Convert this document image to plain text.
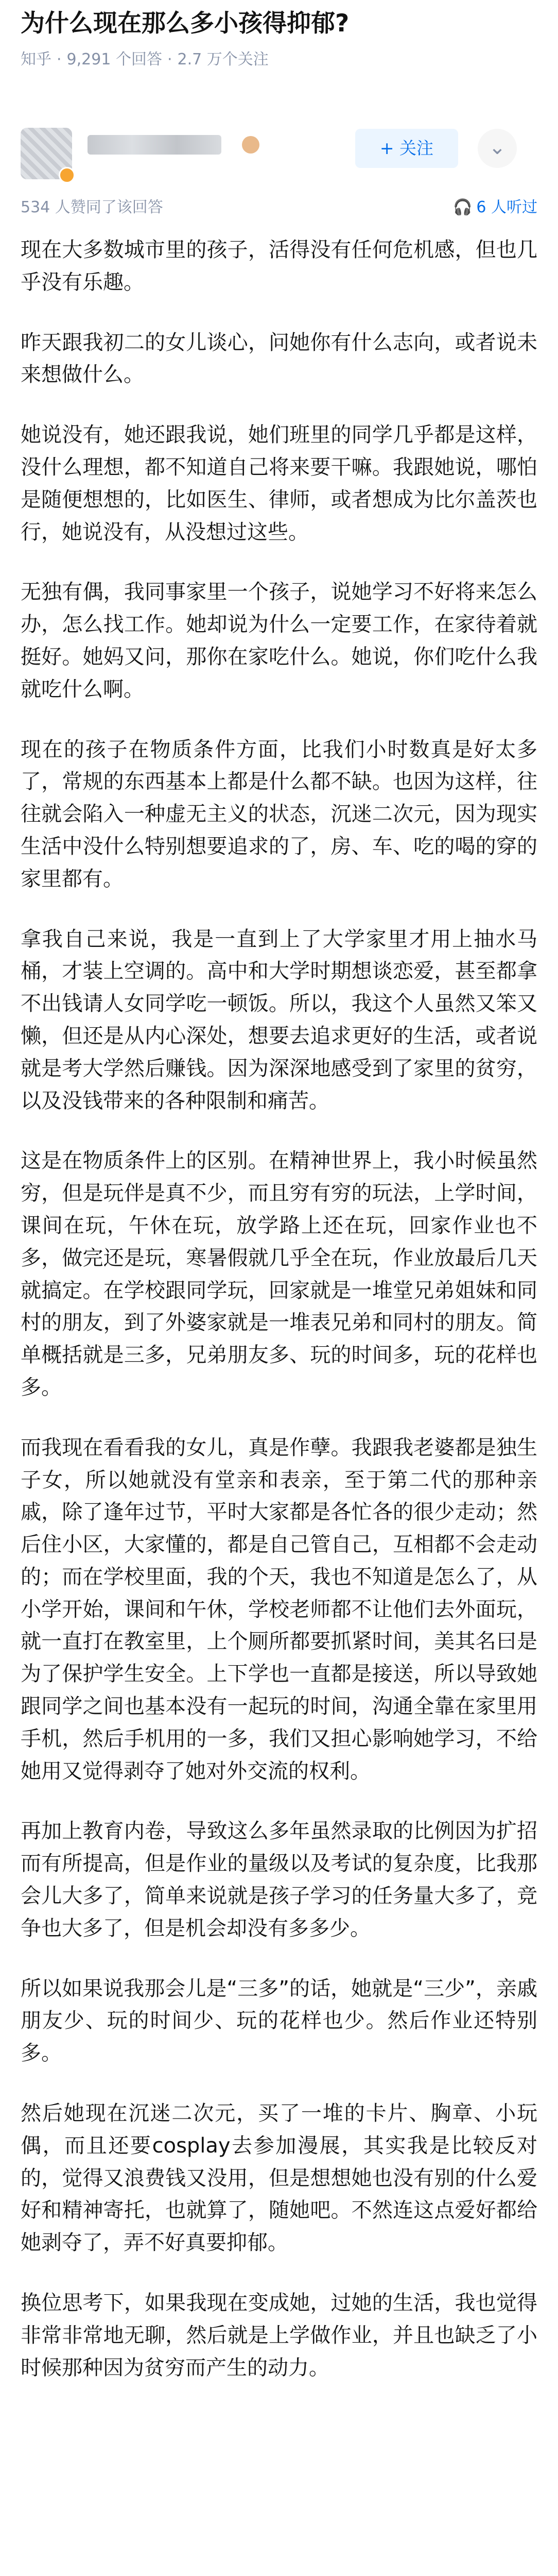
为什么现在那么多小孩得抑郁?
知乎 · 9,291 个回答 · 2.7 万个关注
+ 关注	⌄
534 人赞同了该回答	🎧 6 人听过

现在大多数城市里的孩子，活得没有任何危机感，但也几乎没有乐趣。

昨天跟我初二的女儿谈心，问她你有什么志向，或者说未来想做什么。

她说没有，她还跟我说，她们班里的同学几乎都是这样，没什么理想，都不知道自己将来要干嘛。我跟她说，哪怕是随便想想的，比如医生、律师，或者想成为比尔盖茨也行，她说没有，从没想过这些。

无独有偶，我同事家里一个孩子，说她学习不好将来怎么办，怎么找工作。她却说为什么一定要工作，在家待着就挺好。她妈又问，那你在家吃什么。她说，你们吃什么我就吃什么啊。

现在的孩子在物质条件方面，比我们小时数真是好太多了，常规的东西基本上都是什么都不缺。也因为这样，往往就会陷入一种虚无主义的状态，沉迷二次元，因为现实生活中没什么特别想要追求的了，房、车、吃的喝的穿的家里都有。

拿我自己来说，我是一直到上了大学家里才用上抽水马桶，才装上空调的。高中和大学时期想谈恋爱，甚至都拿不出钱请人女同学吃一顿饭。所以，我这个人虽然又笨又懒，但还是从内心深处，想要去追求更好的生活，或者说就是考大学然后赚钱。因为深深地感受到了家里的贫穷，以及没钱带来的各种限制和痛苦。

这是在物质条件上的区别。在精神世界上，我小时候虽然穷，但是玩伴是真不少，而且穷有穷的玩法，上学时间，课间在玩，午休在玩，放学路上还在玩，回家作业也不多，做完还是玩，寒暑假就几乎全在玩，作业放最后几天就搞定。在学校跟同学玩，回家就是一堆堂兄弟姐妹和同村的朋友，到了外婆家就是一堆表兄弟和同村的朋友。简单概括就是三多，兄弟朋友多、玩的时间多，玩的花样也多。

而我现在看看我的女儿，真是作孽。我跟我老婆都是独生子女，所以她就没有堂亲和表亲，至于第二代的那种亲戚，除了逢年过节，平时大家都是各忙各的很少走动；然后住小区，大家懂的，都是自己管自己，互相都不会走动的；而在学校里面，我的个天，我也不知道是怎么了，从小学开始，课间和午休，学校老师都不让他们去外面玩，就一直打在教室里，上个厕所都要抓紧时间，美其名曰是为了保护学生安全。上下学也一直都是接送，所以导致她跟同学之间也基本没有一起玩的时间，沟通全靠在家里用手机，然后手机用的一多，我们又担心影响她学习，不给她用又觉得剥夺了她对外交流的权利。

再加上教育内卷，导致这么多年虽然录取的比例因为扩招而有所提高，但是作业的量级以及考试的复杂度，比我那会儿大多了，简单来说就是孩子学习的任务量大多了，竞争也大多了，但是机会却没有多多少。

所以如果说我那会儿是“三多”的话，她就是“三少”，亲戚朋友少、玩的时间少、玩的花样也少。然后作业还特别多。

然后她现在沉迷二次元，买了一堆的卡片、胸章、小玩偶，而且还要cosplay去参加漫展，其实我是比较反对的，觉得又浪费钱又没用，但是想想她也没有别的什么爱好和精神寄托，也就算了，随她吧。不然连这点爱好都给她剥夺了，弄不好真要抑郁。

换位思考下，如果我现在变成她，过她的生活，我也觉得非常非常地无聊，然后就是上学做作业，并且也缺乏了小时候那种因为贫穷而产生的动力。
